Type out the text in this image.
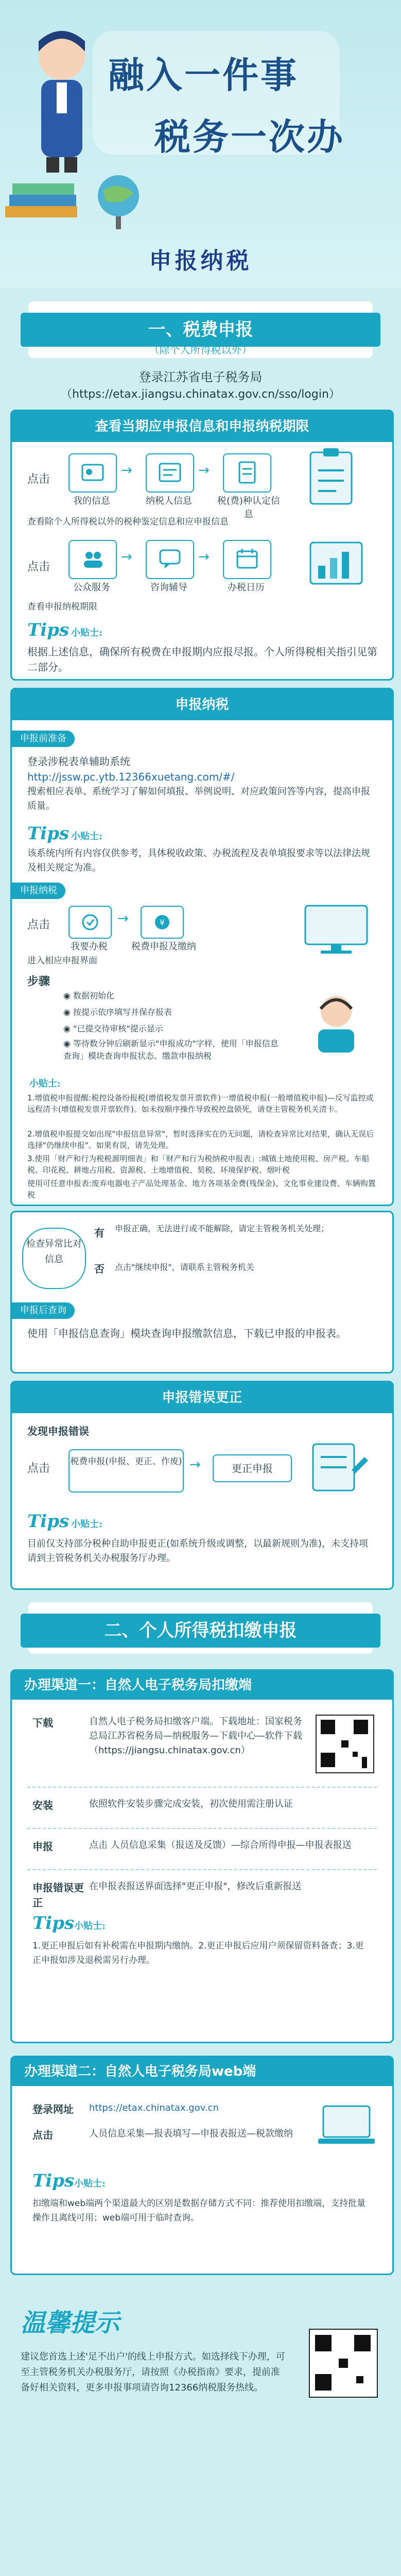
融入一件事
税务一次办
申报纳税
一、税费申报
（除个人所得税以外）
登录江苏省电子税务局
（https://etax.jiangsu.chinatax.gov.cn/sso/login）
查看当期应申报信息和申报纳税期限
点击
我的信息
→
纳税人信息
→
税(费)种认定信息
查看除个人所得税以外的税种鉴定信息和应申报信息
点击
公众服务
→
咨询辅导
→
办税日历
查看申报纳税期限
Tips 小贴士:
根据上述信息，确保所有税费在申报期内应报尽报。个人所得税相关指引见第二部分。
申报纳税
申报前准备
登录涉税表单辅助系统
http://jssw.pc.ytb.12366xuetang.com/#/
搜索相应表单、系统学习了解如何填报、举例说明、对应政策问答等内容，提高申报质量。
Tips 小贴士:
该系统内所有内容仅供参考，具体税收政策、办税流程及表单填报要求等以法律法规及相关规定为准。
申报纳税
点击
我要办税
→	¥
税费申报及缴纳
进入相应申报界面
步骤
◉ 数据初始化
◉ 按提示依序填写并保存报表
◉ "已提交待审核"提示显示
◉ 等待数分钟后刷新显示"申报成功"字样，使用「申报信息查询」模块查询申报状态、缴款申报纳税
小贴士:
1.增值税申报提醒:税控设备纷报税(增值税发票开票软件)一增值税申报(一般增值税申报)—反写监控或远程清卡(增值税发票开票软件)。如未按顺序操作导致税控盘锁死，请登主管税务机关清卡。
2.增值税申报提交如出现"申报信息异常"，暂时选择实在仍无问题，请检查异常比对结果，确认无误后选择"仍继续申报"。如果有误，请先处理。
3.使用「财产和行为税税源明细表」和「财产和行为税纳税申报表」:城镇土地使用税、房产税、车船税、印花税、耕地占用税、资源税、土地增值税、契税、环境保护税、烟叶税
使用可任意申报表:废弃电器电子产品处理基金、地方各项基金费(残保金)、文化事业建设费、车辆购置税
检查异常比对信息
有 申报正确，无法进行或不能解除，请定主管税务机关处理；
否 点击"继续申报"，请联系主管税务机关
申报后查询
使用「申报信息查询」模块查询申报缴款信息，下载已申报的申报表。
申报错误更正
发现申报错误
点击
税费申报(申报、更正、作废) →	更正申报
Tips 小贴士:
目前仅支持部分税种自助申报更正(如系统升级或调整，以最新规则为准)，未支持项请到主管税务机关办税服务厅办理。
二、个人所得税扣缴申报
办理渠道一：自然人电子税务局扣缴端
下载	自然人电子税务局扣缴客户端。下载地址：国家税务总局江苏省税务局—纳税服务—下载中心—软件下载（https://jiangsu.chinatax.gov.cn）
安装	依照软件安装步骤完成安装，初次使用需注册认证
申报	点击 人员信息采集（报送及反馈）—综合所得申报—申报表报送
申报错误更正
在申报表报送界面选择"更正申报"，修改后重新报送
Tips小贴士:
1.更正申报后如有补税需在申报期内缴纳。2.更正申报后应用户须保留资料备查；3.更正申报如涉及退税需另行办理。
办理渠道二：自然人电子税务局web端
登录网址 https://etax.chinatax.gov.cn
点击	人员信息采集—报表填写—申报表报送—税款缴纳
Tips小贴士:
扣缴端和web端两个渠道最大的区别是数据存储方式不同：推荐使用扣缴端，支持批量操作且离线可用；web端可用于临时查询。
温馨提示
建议您首选上述'足不出户'的线上申报方式。如选择线下办理，可至主管税务机关办税服务厅，请按照《办税指南》要求，提前准备好相关资料，更多申报事项请咨询12366纳税服务热线。
